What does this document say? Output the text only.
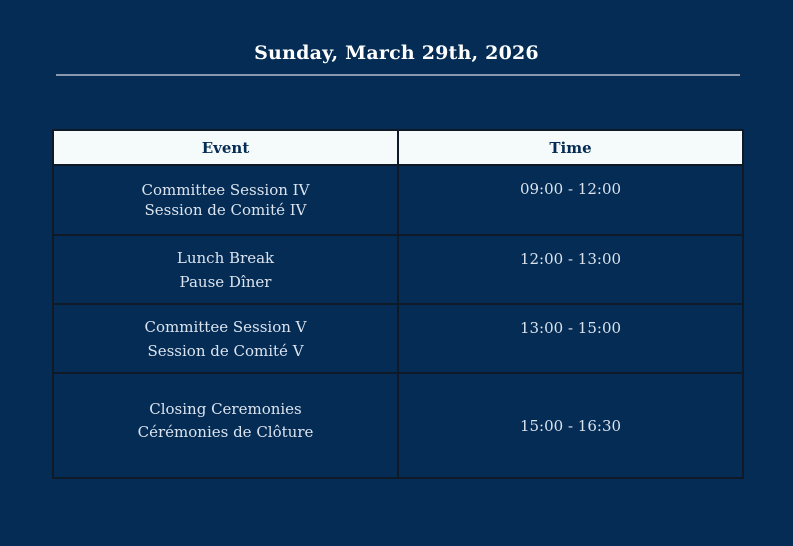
Sunday, March 29th, 2026
Event	Time

Committee Session IV
Session de Comité IV	09:00 - 12:00

Lunch Break
Pause Dîner	12:00 - 13:00

Committee Session V
Session de Comité V	13:00 - 15:00

Closing Ceremonies
Cérémonies de Clôture	15:00 - 16:30
